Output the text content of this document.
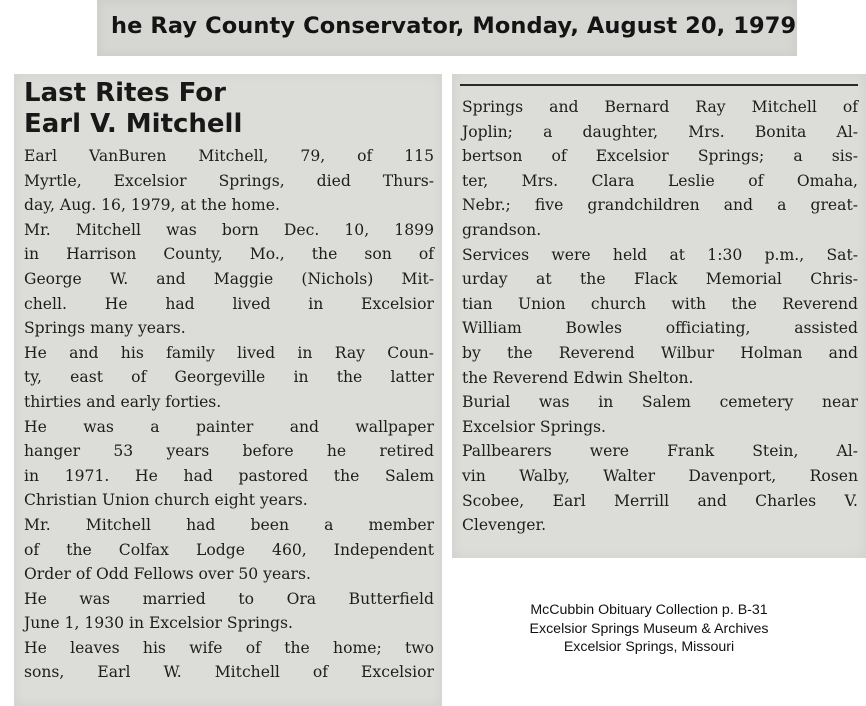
he Ray County Conservator, Monday, August 20, 1979
Last Rites For
Earl V. Mitchell
Earl VanBuren Mitchell, 79, of 115
Myrtle, Excelsior Springs, died Thurs-
day, Aug. 16, 1979, at the home.
Mr. Mitchell was born Dec. 10, 1899
in Harrison County, Mo., the son of
George W. and Maggie (Nichols) Mit-
chell. He had lived in Excelsior
Springs many years.
He and his family lived in Ray Coun-
ty, east of Georgeville in the latter
thirties and early forties.
He was a painter and wallpaper
hanger 53 years before he retired
in 1971. He had pastored the Salem
Christian Union church eight years.
Mr. Mitchell had been a member
of the Colfax Lodge 460, Independent
Order of Odd Fellows over 50 years.
He was married to Ora Butterfield
June 1, 1930 in Excelsior Springs.
He leaves his wife of the home; two
sons, Earl W. Mitchell of Excelsior
Springs and Bernard Ray Mitchell of
Joplin; a daughter, Mrs. Bonita Al-
bertson of Excelsior Springs; a sis-
ter, Mrs. Clara Leslie of Omaha,
Nebr.; five grandchildren and a great-
grandson.
Services were held at 1:30 p.m., Sat-
urday at the Flack Memorial Chris-
tian Union church with the Reverend
William Bowles officiating, assisted
by the Reverend Wilbur Holman and
the Reverend Edwin Shelton.
Burial was in Salem cemetery near
Excelsior Springs.
Pallbearers were Frank Stein, Al-
vin Walby, Walter Davenport, Rosen
Scobee, Earl Merrill and Charles V.
Clevenger.
McCubbin Obituary Collection p. B-31
Excelsior Springs Museum & Archives
Excelsior Springs, Missouri
